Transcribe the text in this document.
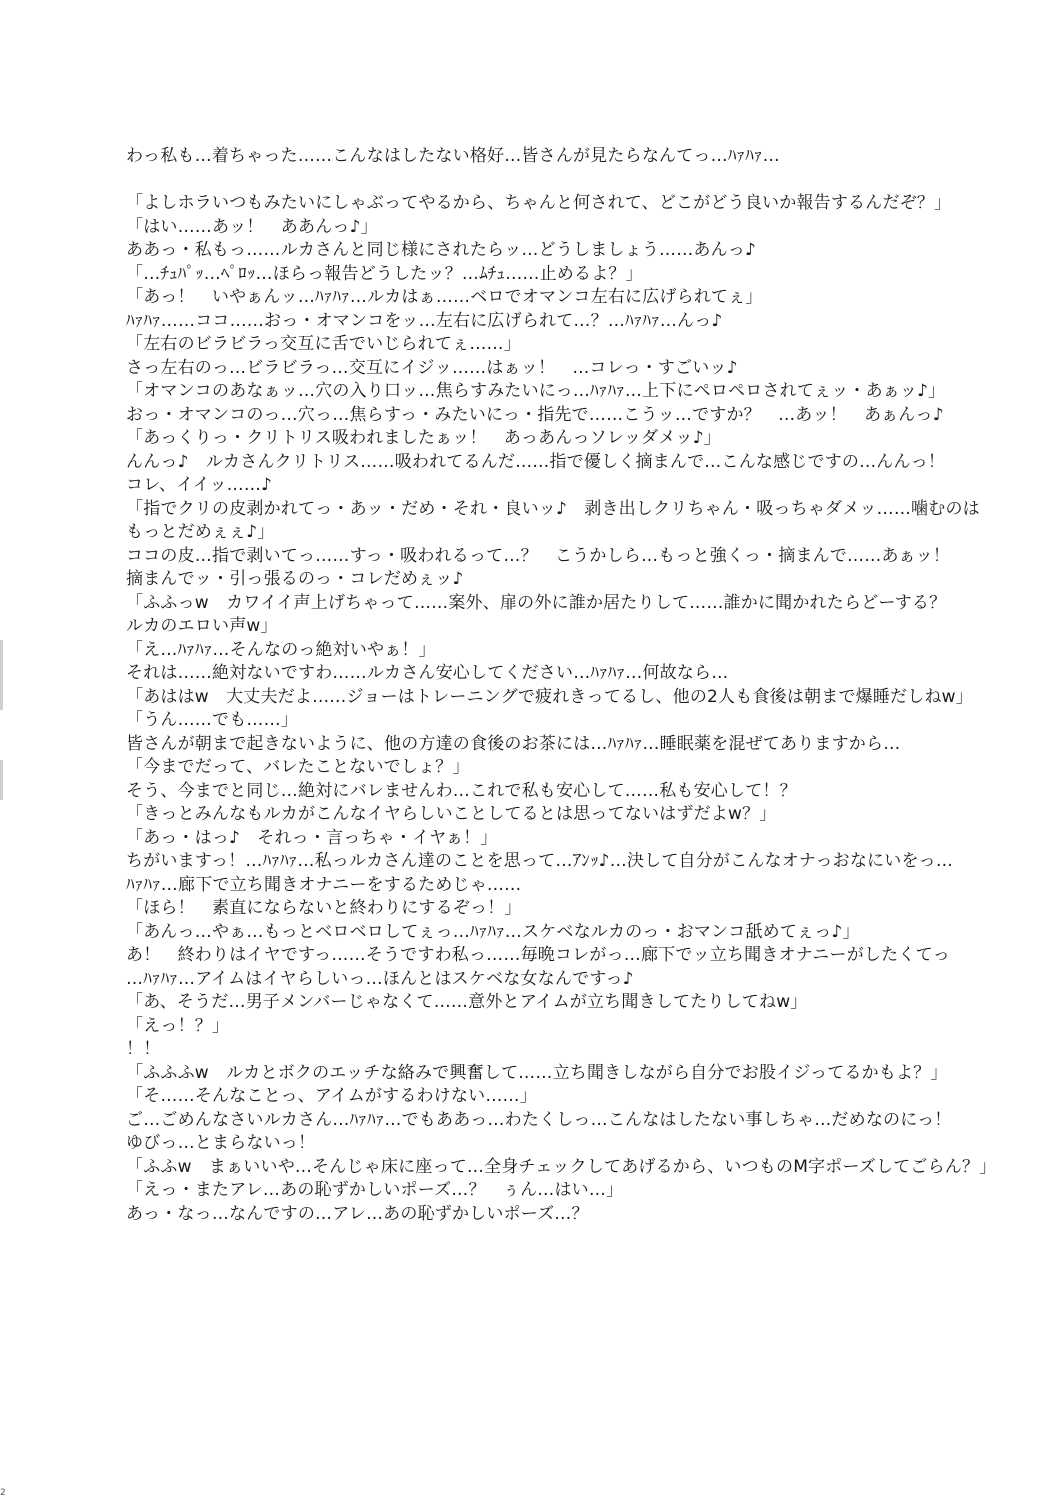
わっ私も…着ちゃった……こんなはしたない格好…皆さんが見たらなんてっ…ﾊｧﾊｧ…
「よしホラいつもみたいにしゃぶってやるから、ちゃんと何されて、どこがどう良いか報告するんだぞ？」
「はい……あッ！　ああんっ♪」
ああっ・私もっ……ルカさんと同じ様にされたらッ…どうしましょう……あんっ♪
「…ﾁｭﾊﾟｯ…ﾍﾟﾛｯ…ほらっ報告どうしたッ？…ﾑﾁｭ……止めるよ？」
「あっ！　いやぁんッ…ﾊｧﾊｧ…ルカはぁ……ベロでオマンコ左右に広げられてぇ」
ﾊｧﾊｧ……ココ……おっ・オマンコをッ…左右に広げられて…？…ﾊｧﾊｧ…んっ♪
「左右のビラビラっ交互に舌でいじられてぇ……」
さっ左右のっ…ビラビラっ…交互にイジッ……はぁッ！　…コレっ・すごいッ♪
「オマンコのあなぁッ…穴の入り口ッ…焦らすみたいにっ…ﾊｧﾊｧ…上下にペロペロされてぇッ・あぁッ♪」
おっ・オマンコのっ…穴っ…焦らすっ・みたいにっ・指先で……こうッ…ですか？　…あッ！　あぁんっ♪
「あっくりっ・クリトリス吸われましたぁッ！　あっあんっソレッダメッ♪」
んんっ♪　ルカさんクリトリス……吸われてるんだ……指で優しく摘まんで…こんな感じですの…んんっ！
コレ、イイッ……♪
「指でクリの皮剥かれてっ・あッ・だめ・それ・良いッ♪　剥き出しクリちゃん・吸っちゃダメッ……噛むのは
もっとだめぇぇ♪」
ココの皮…指で剥いてっ……すっ・吸われるって…？　こうかしら…もっと強くっ・摘まんで……あぁッ！
摘まんでッ・引っ張るのっ・コレだめぇッ♪
「ふふっw　カワイイ声上げちゃって……案外、扉の外に誰か居たりして……誰かに聞かれたらどーする？
ルカのエロい声w」
「え…ﾊｧﾊｧ…そんなのっ絶対いやぁ！」
それは……絶対ないですわ……ルカさん安心してください…ﾊｧﾊｧ…何故なら…
「あははw　大丈夫だよ……ジョーはトレーニングで疲れきってるし、他の2人も食後は朝まで爆睡だしねw」
「うん……でも……」
皆さんが朝まで起きないように、他の方達の食後のお茶には…ﾊｧﾊｧ…睡眠薬を混ぜてありますから…
「今までだって、バレたことないでしょ？」
そう、今までと同じ…絶対にバレませんわ…これで私も安心して……私も安心して！？
「きっとみんなもルカがこんなイヤらしいことしてるとは思ってないはずだよw？」
「あっ・はっ♪　それっ・言っちゃ・イヤぁ！」
ちがいますっ！…ﾊｧﾊｧ…私っルカさん達のことを思って…ｱﾝｯ♪…決して自分がこんなオナっおなにいをっ…
ﾊｧﾊｧ…廊下で立ち聞きオナニーをするためじゃ……
「ほら！　素直にならないと終わりにするぞっ！」
「あんっ…やぁ…もっとベロベロしてぇっ…ﾊｧﾊｧ…スケベなルカのっ・おマンコ舐めてぇっ♪」
あ！　終わりはイヤですっ……そうですわ私っ……毎晩コレがっ…廊下でッ立ち聞きオナニーがしたくてっ
…ﾊｧﾊｧ…アイムはイヤらしいっ…ほんとはスケベな女なんですっ♪
「あ、そうだ…男子メンバーじゃなくて……意外とアイムが立ち聞きしてたりしてねw」
「えっ！？」
！！
「ふふふw　ルカとボクのエッチな絡みで興奮して……立ち聞きしながら自分でお股イジってるかもよ？」
「そ……そんなことっ、アイムがするわけない……」
ご…ごめんなさいルカさん…ﾊｧﾊｧ…でもああっ…わたくしっ…こんなはしたない事しちゃ…だめなのにっ！
ゆびっ…とまらないっ！
「ふふw　まぁいいや…そんじゃ床に座って…全身チェックしてあげるから、いつものM字ポーズしてごらん？」
「えっ・またアレ…あの恥ずかしいポーズ…？　ぅん…はい…」
あっ・なっ…なんですの…アレ…あの恥ずかしいポーズ…？
2
